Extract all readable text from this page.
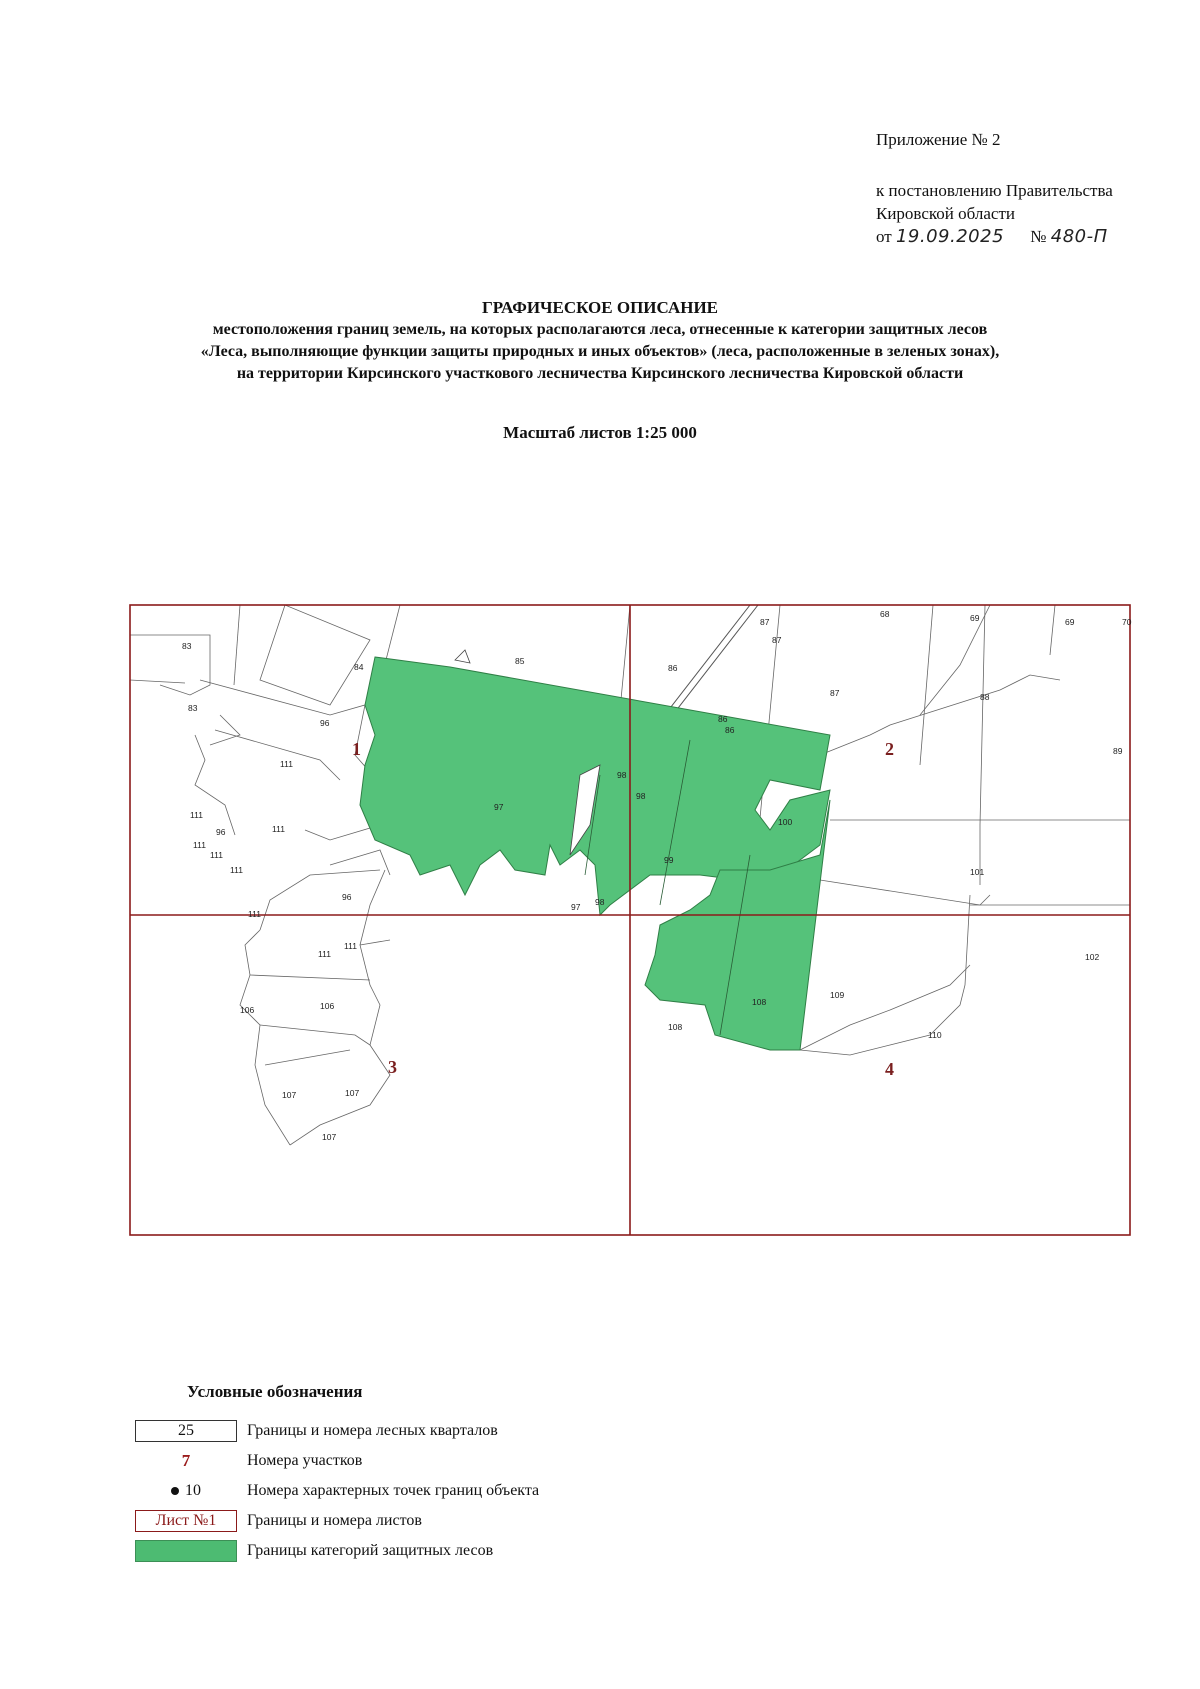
Приложение № 2
к постановлению Правительства
Кировской области
от 19.09.2025 № 480-П
ГРАФИЧЕСКОЕ ОПИСАНИЕ
местоположения границ земель, на которых располагаются леса, отнесенные к категории защитных лесов
«Леса, выполняющие функции защиты природных и иных объектов» (леса, расположенные в зеленых зонах),
на территории Кирсинского участкового лесничества Кирсинского лесничества Кировской области
Масштаб листов 1:25 000
1	2
3	4
83
83
84
85
86
86
86
87
87
87
68	69	69	70
88
89
96
96
96
97
97
98
98
98
99
100
101
102
106	106
107	107
107
108
108
109
110
111
111
111
111
111
111
111
111
111
Условные обозначения
25	Границы и номера лесных кварталов
7	Номера участков
10	Номера характерных точек границ объекта
Лист №1	Границы и номера листов
Границы категорий защитных лесов
